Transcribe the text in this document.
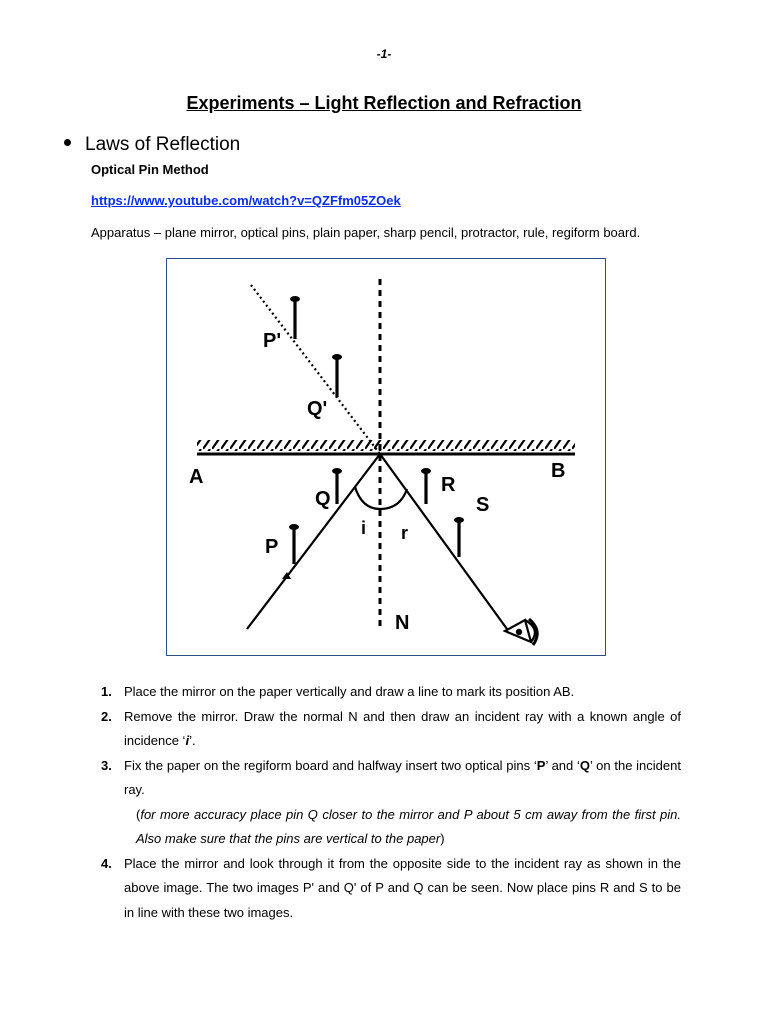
-1-
Experiments – Light Reflection and Refraction
Laws of Reflection
Optical Pin Method
https://www.youtube.com/watch?v=QZFfm05ZOek
Apparatus – plane mirror, optical pins, plain paper, sharp pencil, protractor, rule, regiform board.
A	B
N
P'
Q'
Q
P
R
S
i r
1. Place the mirror on the paper vertically and draw a line to mark its position AB.
2. Remove the mirror. Draw the normal N and then draw an incident ray with a known angle of incidence ‘i’.
3. Fix the paper on the regiform board and halfway insert two optical pins ‘P’ and ‘Q’ on the incident ray.
(for more accuracy place pin Q closer to the mirror and P about 5 cm away from the first pin. Also make sure that the pins are vertical to the paper)
4. Place the mirror and look through it from the opposite side to the incident ray as shown in the above image. The two images P' and Q' of P and Q can be seen. Now place pins R and S to be in line with these two images.
